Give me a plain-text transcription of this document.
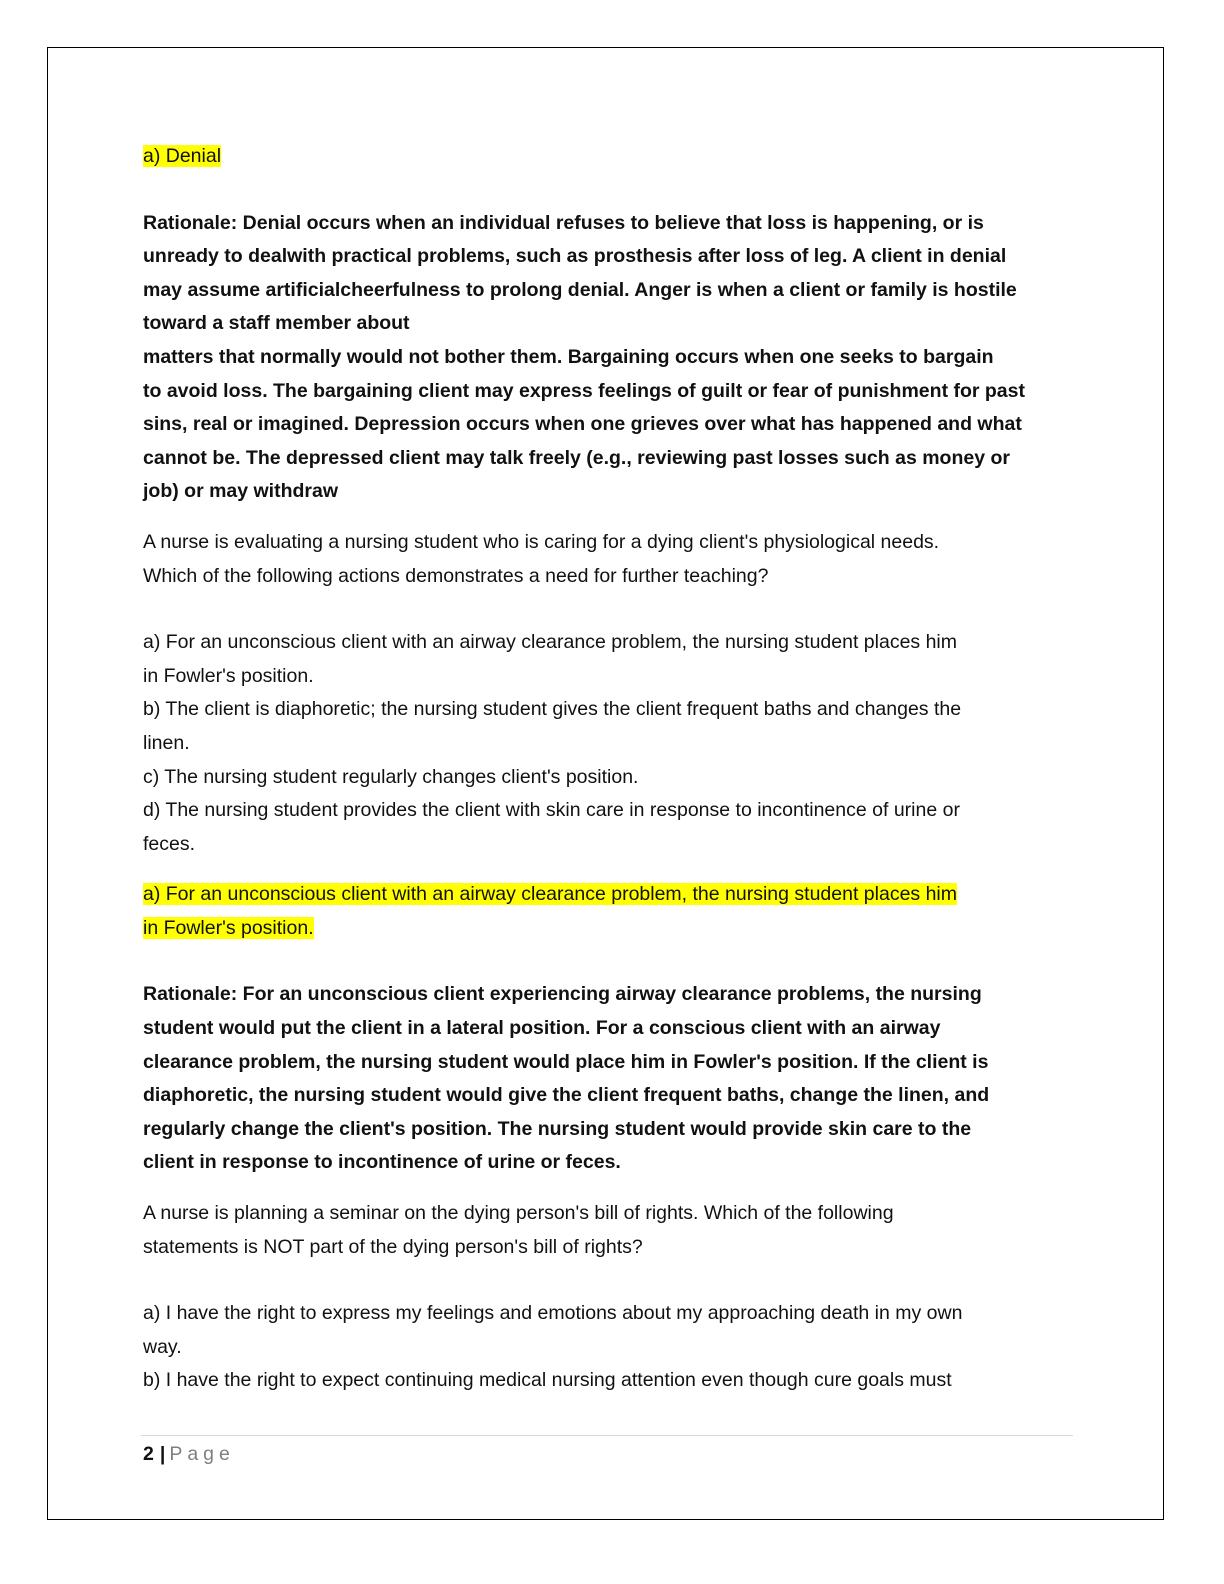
a) Denial

Rationale: Denial occurs when an individual refuses to believe that loss is happening, or is

unready to dealwith practical problems, such as prosthesis after loss of leg. A client in denial

may assume artificialcheerfulness to prolong denial. Anger is when a client or family is hostile

toward a staff member about

matters that normally would not bother them. Bargaining occurs when one seeks to bargain

to avoid loss. The bargaining client may express feelings of guilt or fear of punishment for past

sins, real or imagined. Depression occurs when one grieves over what has happened and what

cannot be. The depressed client may talk freely (e.g., reviewing past losses such as money or

job) or may withdraw

A nurse is evaluating a nursing student who is caring for a dying client's physiological needs.

Which of the following actions demonstrates a need for further teaching?

a) For an unconscious client with an airway clearance problem, the nursing student places him

in Fowler's position.

b) The client is diaphoretic; the nursing student gives the client frequent baths and changes the

linen.

c) The nursing student regularly changes client's position.

d) The nursing student provides the client with skin care in response to incontinence of urine or

feces.

a) For an unconscious client with an airway clearance problem, the nursing student places him

in Fowler's position.

Rationale: For an unconscious client experiencing airway clearance problems, the nursing

student would put the client in a lateral position. For a conscious client with an airway

clearance problem, the nursing student would place him in Fowler's position. If the client is

diaphoretic, the nursing student would give the client frequent baths, change the linen, and

regularly change the client's position. The nursing student would provide skin care to the

client in response to incontinence of urine or feces.

A nurse is planning a seminar on the dying person's bill of rights. Which of the following

statements is NOT part of the dying person's bill of rights?

a) I have the right to express my feelings and emotions about my approaching death in my own

way.

b) I have the right to expect continuing medical nursing attention even though cure goals must

2 | Page
